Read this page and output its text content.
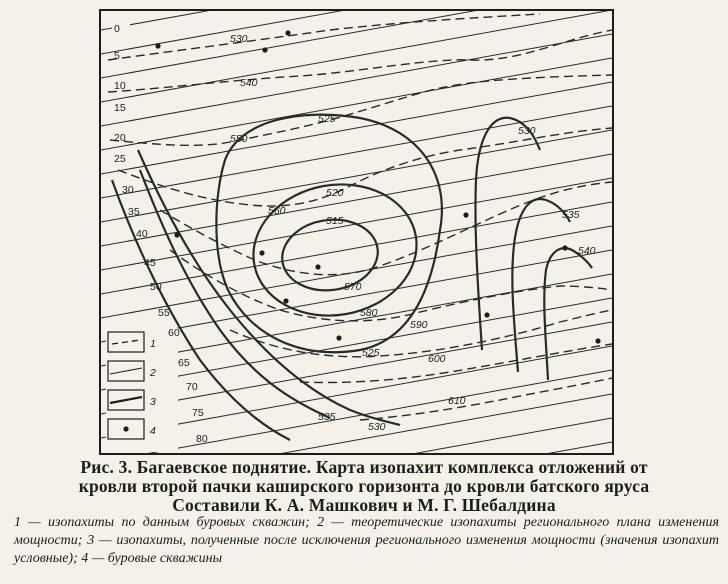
1
2
3
4
0
5
10
15
20
25
30
35
40
45
50
55
60
65
70
75
80
530
540
550
560
570
580
590
600
610
525
520
515
530
535
540
535
530
525
Рис. 3. Багаевское поднятие. Карта изопахит комплекса отложений от
кровли второй пачки каширского горизонта до кровли батского яруса
Составили К. А. Машкович и М. Г. Шебалдина

1 — изопахиты по данным буровых скважин; 2 — теоретические изопахиты регионального плана изменения мощности; 3 — изопахиты, полученные после исключения регионального изменения мощности (значения изопахит условные); 4 — буровые скважины
